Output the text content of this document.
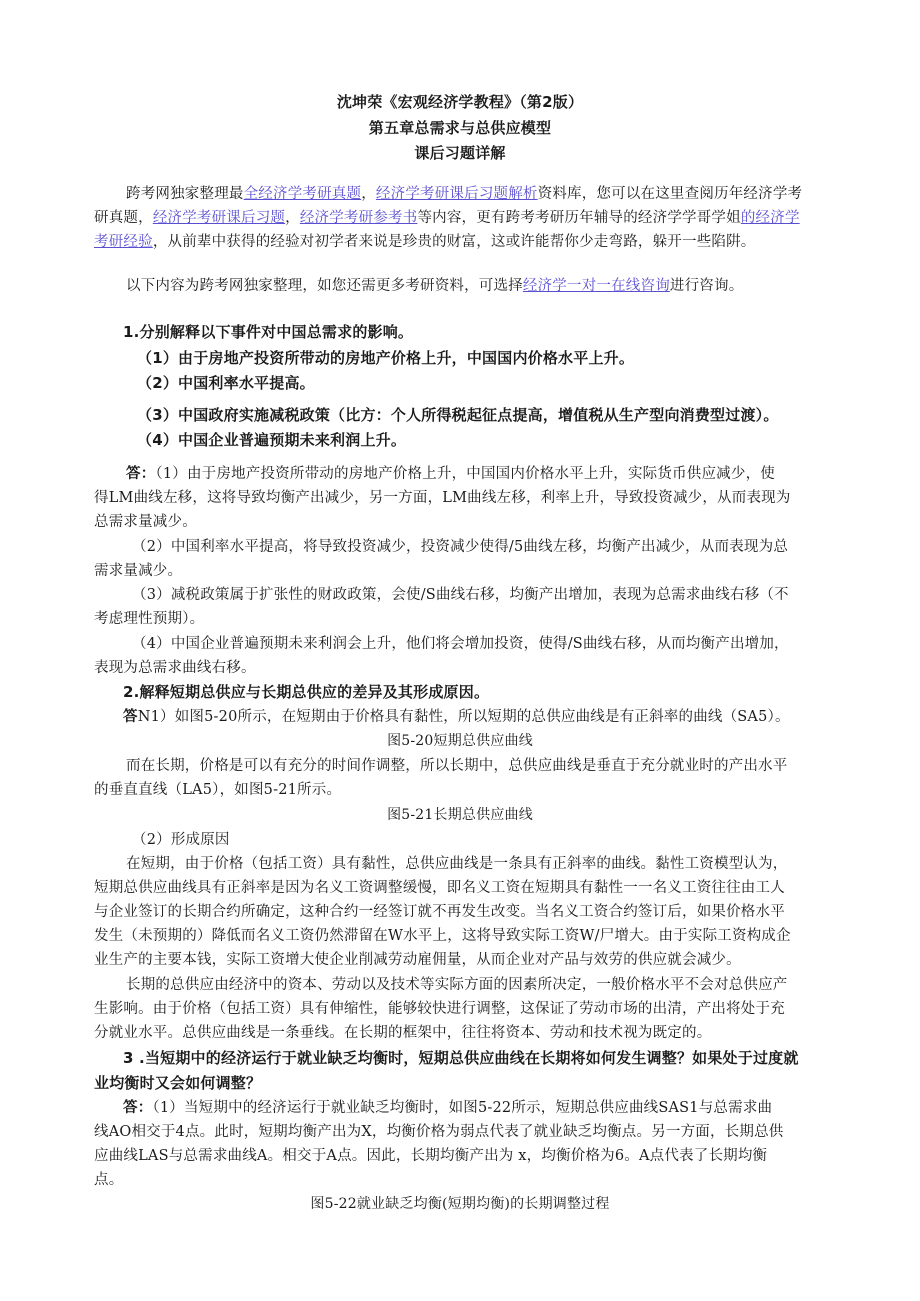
沈坤荣《宏观经济学教程》（第2版）
第五章总需求与总供应模型
课后习题详解
跨考网独家整理最全经济学考研真题，经济学考研课后习题解析资料库，您可以在这里查阅历年经济学考
研真题，经济学考研课后习题，经济学考研参考书等内容，更有跨考考研历年辅导的经济学学哥学姐的经济学
考研经验，从前辈中获得的经验对初学者来说是珍贵的财富，这或许能帮你少走弯路，躲开一些陷阱。
以下内容为跨考网独家整理，如您还需更多考研资料，可选择经济学一对一在线咨询进行咨询。
1.分别解释以下事件对中国总需求的影响。
（1）由于房地产投资所带动的房地产价格上升，中国国内价格水平上升。
（2）中国利率水平提高。
（3）中国政府实施减税政策（比方：个人所得税起征点提高，增值税从生产型向消费型过渡）。
（4）中国企业普遍预期未来利润上升。
答：（1）由于房地产投资所带动的房地产价格上升，中国国内价格水平上升，实际货币供应减少，使
得LM曲线左移，这将导致均衡产出减少，另一方面，LM曲线左移，利率上升，导致投资减少，从而表现为
总需求量减少。
（2）中国利率水平提高，将导致投资减少，投资减少使得/5曲线左移，均衡产出减少，从而表现为总
需求量减少。
（3）减税政策属于扩张性的财政政策，会使/S曲线右移，均衡产出增加，表现为总需求曲线右移（不
考虑理性预期）。
（4）中国企业普遍预期未来利润会上升，他们将会增加投资，使得/S曲线右移，从而均衡产出增加，
表现为总需求曲线右移。
2.解释短期总供应与长期总供应的差异及其形成原因。
答N1）如图5-20所示，在短期由于价格具有黏性，所以短期的总供应曲线是有正斜率的曲线（SA5）。
图5-20短期总供应曲线
而在长期，价格是可以有充分的时间作调整，所以长期中，总供应曲线是垂直于充分就业时的产出水平
的垂直直线（LA5），如图5-21所示。
图5-21长期总供应曲线
（2）形成原因
在短期，由于价格（包括工资）具有黏性，总供应曲线是一条具有正斜率的曲线。黏性工资模型认为，
短期总供应曲线具有正斜率是因为名义工资调整缓慢，即名义工资在短期具有黏性一一名义工资往往由工人
与企业签订的长期合约所确定，这种合约一经签订就不再发生改变。当名义工资合约签订后，如果价格水平
发生（未预期的）降低而名义工资仍然滞留在W水平上，这将导致实际工资W/尸增大。由于实际工资构成企
业生产的主要本钱，实际工资增大使企业削减劳动雇佣量，从而企业对产品与效劳的供应就会减少。
长期的总供应由经济中的资本、劳动以及技术等实际方面的因素所决定，一般价格水平不会对总供应产
生影响。由于价格（包括工资）具有伸缩性，能够较快进行调整，这保证了劳动市场的出清，产出将处于充
分就业水平。总供应曲线是一条垂线。在长期的框架中，往往将资本、劳动和技术视为既定的。
3 .当短期中的经济运行于就业缺乏均衡时，短期总供应曲线在长期将如何发生调整？如果处于过度就
业均衡时又会如何调整？
答：（1）当短期中的经济运行于就业缺乏均衡时，如图5-22所示，短期总供应曲线SAS1与总需求曲
线AO相交于4点。此时，短期均衡产出为X，均衡价格为弱点代表了就业缺乏均衡点。另一方面，长期总供
应曲线LAS与总需求曲线A。相交于A点。因此，长期均衡产出为 x，均衡价格为6。A点代表了长期均衡
点。
图5-22就业缺乏均衡(短期均衡)的长期调整过程
